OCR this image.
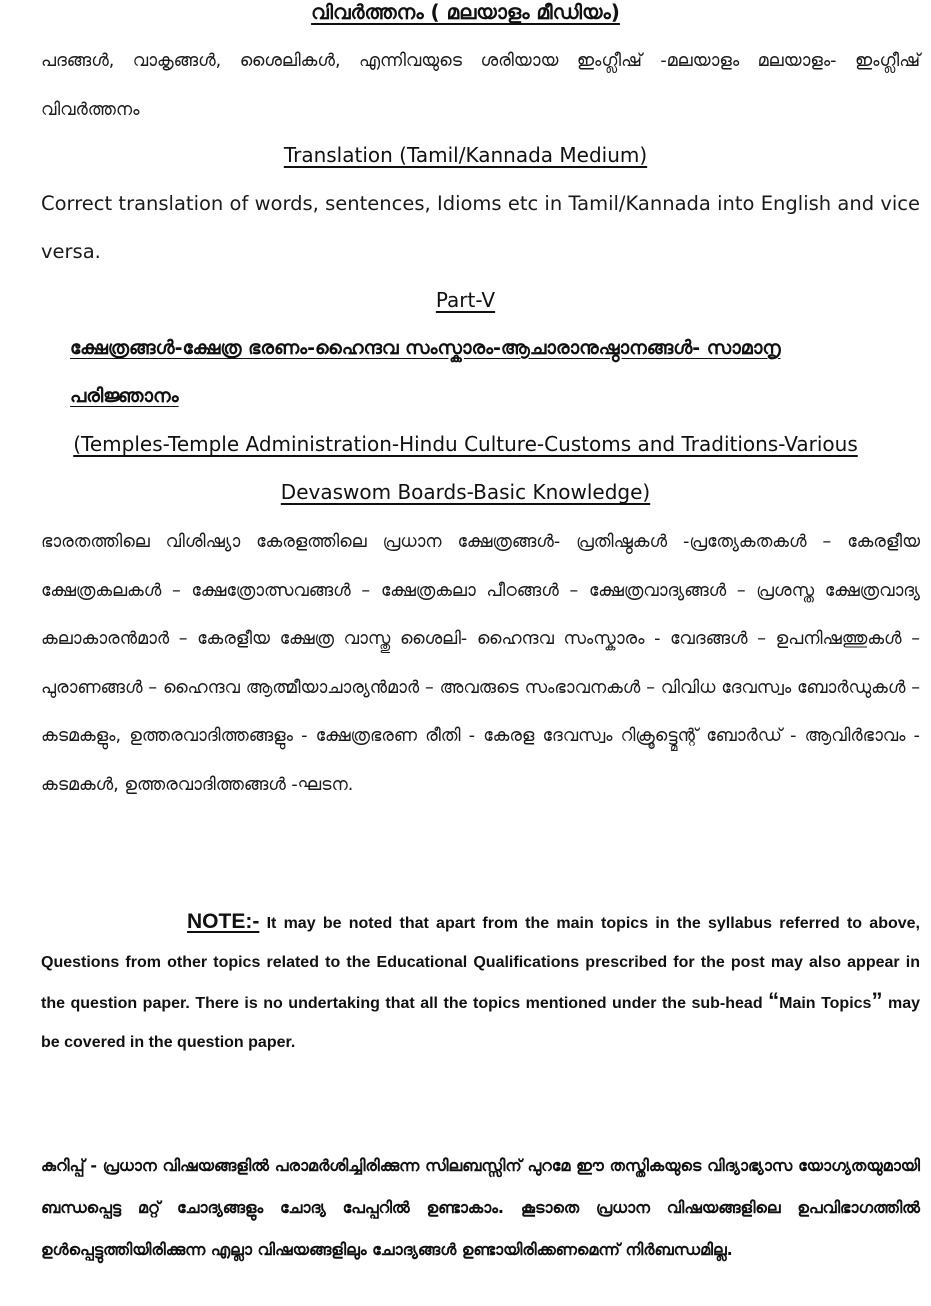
വിവർത്തനം ( മലയാളം മീഡിയം)
പദങ്ങൾ, വാകൃങ്ങൾ, ശൈലികൾ, എന്നിവയുടെ ശരിയായ ഇംഗ്ലീഷ് -മലയാളം മലയാളം- ഇംഗ്ലീഷ് വിവർത്തനം
Translation (Tamil/Kannada Medium)
Correct translation of words, sentences, Idioms etc in Tamil/Kannada into English and vice versa.
Part-V
ക്ഷേത്രങ്ങൾ-ക്ഷേത്ര ഭരണം-ഹൈന്ദവ സംസ്കാരം-ആചാരാനുഷ്ഠാനങ്ങൾ- സാമാനൃ
പരിജ്ഞാനം
(Temples-Temple Administration-Hindu Culture-Customs and Traditions-Various
Devaswom Boards-Basic Knowledge)
ഭാരതത്തിലെ വിശിഷ്യാ കേരളത്തിലെ പ്രധാന ക്ഷേത്രങ്ങൾ- പ്രതിഷ്ഠകൾ -പ്രത്യേകതകൾ – കേരളീയ ക്ഷേത്രകലകൾ – ക്ഷേത്രോത്സവങ്ങൾ – ക്ഷേത്രകലാ പീഠങ്ങൾ – ക്ഷേത്രവാദ്യങ്ങൾ – പ്രശസ്ത ക്ഷേത്രവാദ്യ കലാകാരൻമാർ – കേരളീയ ക്ഷേത്ര വാസ്തു ശൈലി- ഹൈന്ദവ സംസ്കാരം - വേദങ്ങൾ – ഉപനിഷത്തുകൾ – പുരാണങ്ങൾ – ഹൈന്ദവ ആത്മീയാചാര്യൻമാർ – അവരുടെ സംഭാവനകൾ – വിവിധ ദേവസ്വം ബോർഡുകൾ – കടമകളും, ഉത്തരവാദിത്തങ്ങളും - ക്ഷേത്രഭരണ രീതി - കേരള ദേവസ്വം റിക്രൂട്ട്മെന്റ് ബോർഡ് - ആവിർഭാവം - കടമകൾ, ഉത്തരവാദിത്തങ്ങൾ -ഘടന.
NOTE:- It may be noted that apart from the main topics in the syllabus referred to above, Questions from other topics related to the Educational Qualifications prescribed for the post may also appear in the question paper. There is no undertaking that all the topics mentioned under the sub-head “Main Topics” may be covered in the question paper.
കുറിപ്പ് - പ്രധാന വിഷയങ്ങളിൽ പരാമർശിച്ചിരിക്കുന്ന സിലബസ്സിന് പുറമേ ഈ തസ്തികയുടെ വിദ്യാഭ്യാസ യോഗ്യതയുമായി ബന്ധപ്പെട്ട മറ്റ് ചോദ്യങ്ങളും ചോദ്യ പേപ്പറിൽ ഉണ്ടാകാം. കൂടാതെ പ്രധാന വിഷയങ്ങളിലെ ഉപവിഭാഗത്തിൽ ഉൾപ്പെട്ടുത്തിയിരിക്കുന്ന എല്ലാ വിഷയങ്ങളിലും ചോദ്യങ്ങൾ ഉണ്ടായിരിക്കണമെന്ന് നിർബന്ധമില്ല.
